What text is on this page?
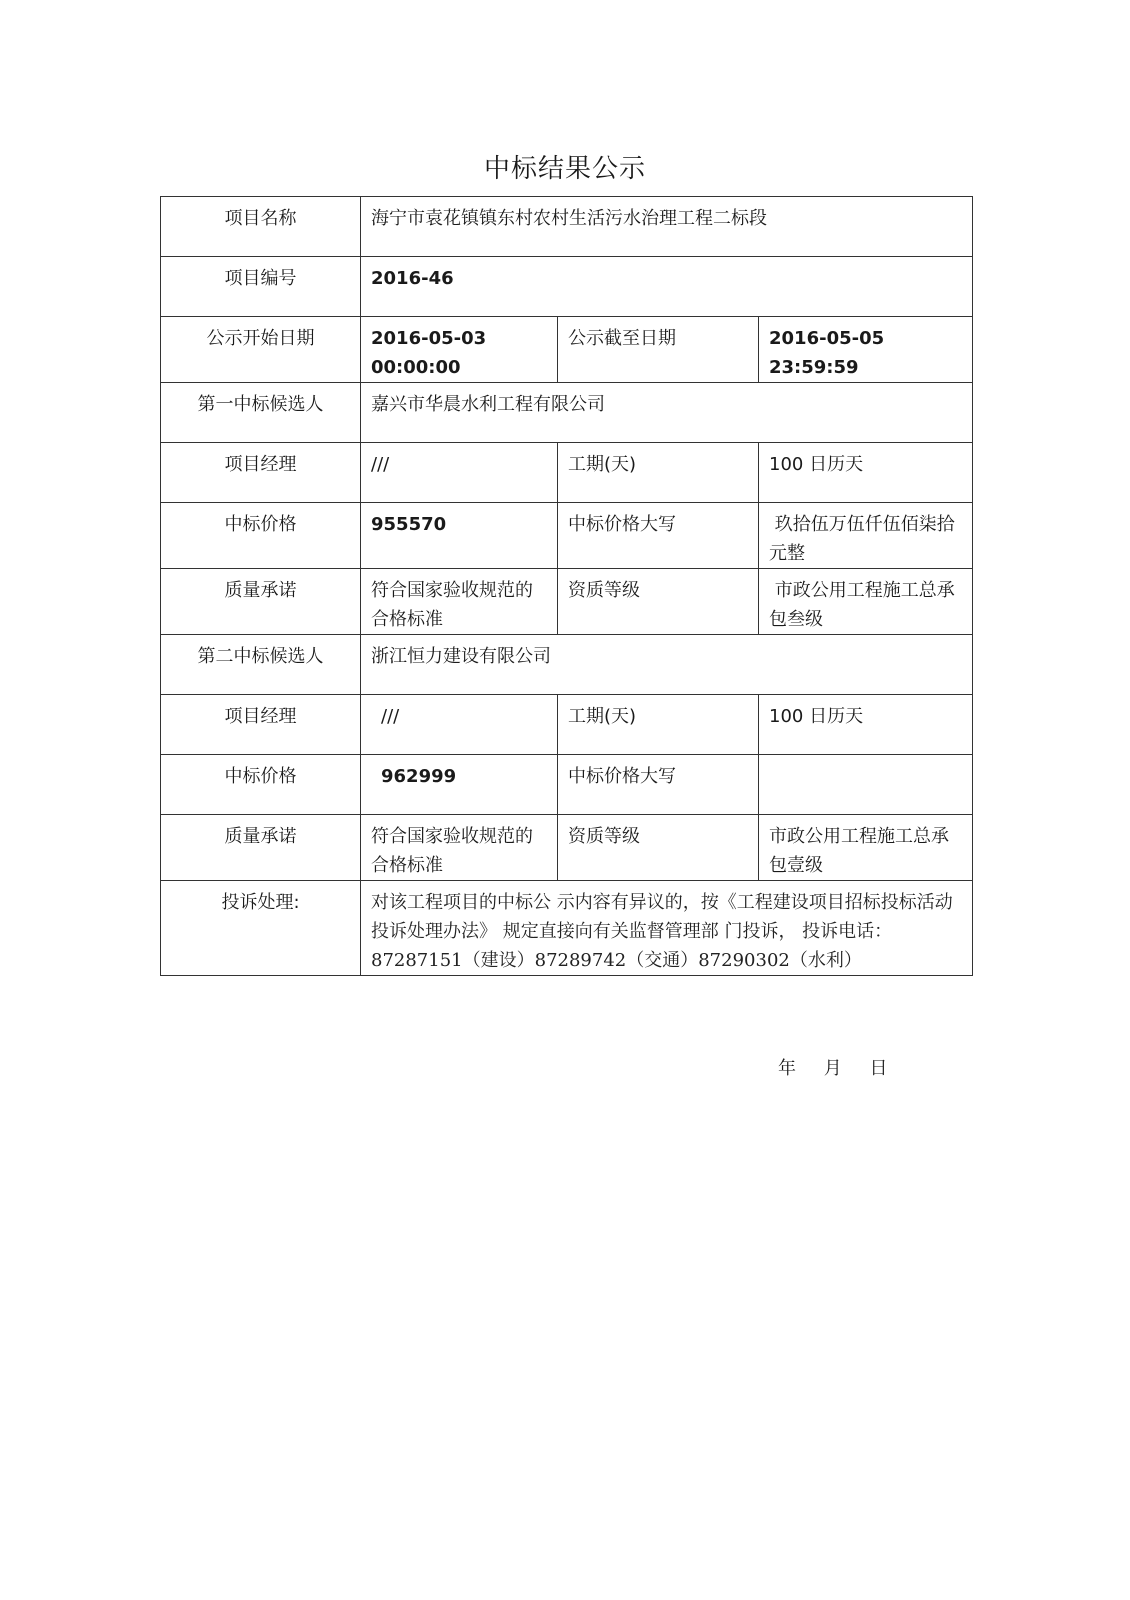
中标结果公示
项目名称	海宁市袁花镇镇东村农村生活污水治理工程二标段		
项目编号	2016-46		
公示开始日期	2016-05-03 00:00:00	公示截至日期	2016-05-05 23:59:59
第一中标候选人	嘉兴市华晨水利工程有限公司		
项目经理	///	工期(天)	100 日历天
中标价格	955570	中标价格大写	玖拾伍万伍仟伍佰柒拾元整
质量承诺	符合国家验收规范的合格标准	资质等级	市政公用工程施工总承包叁级
第二中标候选人	浙江恒力建设有限公司		
项目经理	///	工期(天)	100 日历天
中标价格	962999	中标价格大写	
质量承诺	符合国家验收规范的合格标准	资质等级	市政公用工程施工总承包壹级
投诉处理:	对该工程项目的中标公 示内容有异议的，按《工程建设项目招标投标活动投诉处理办法》 规定直接向有关监督管理部 门投诉， 投诉电话：87287151（建设）87289742（交通）87290302（水利）		
年 月 日
